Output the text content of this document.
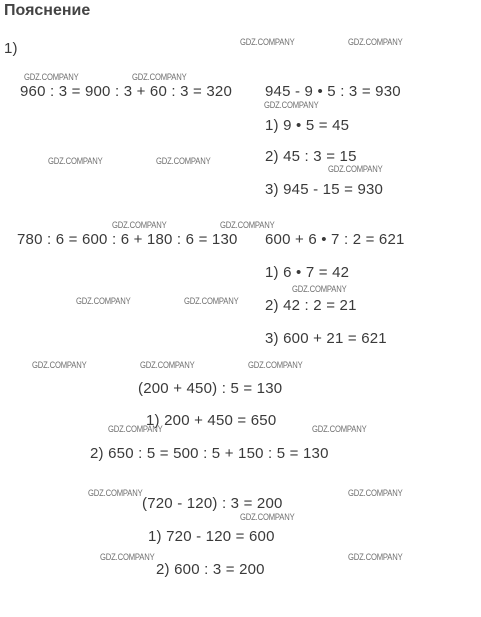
Пояснение
1)
960 : 3 = 900 : 3 + 60 : 3 = 320
780 : 6 = 600 : 6 + 180 : 6 = 130
945 - 9 • 5 : 3 = 930
1) 9 • 5 = 45
2) 45 : 3 = 15
3) 945 - 15 = 930
600 + 6 • 7 : 2 = 621
1) 6 • 7 = 42
2) 42 : 2 = 21
3) 600 + 21 = 621
(200 + 450) : 5 = 130
1) 200 + 450 = 650
2) 650 : 5 = 500 : 5 + 150 : 5 = 130
(720 - 120) : 3 = 200
1) 720 - 120 = 600
2) 600 : 3 = 200
GDZ.COMPANY	GDZ.COMPANY
GDZ.COMPANY	GDZ.COMPANY
GDZ.COMPANY
GDZ.COMPANY	GDZ.COMPANY
GDZ.COMPANY
GDZ.COMPANY	GDZ.COMPANY
GDZ.COMPANY
GDZ.COMPANY	GDZ.COMPANY
GDZ.COMPANY	GDZ.COMPANY	GDZ.COMPANY
GDZ.COMPANY	GDZ.COMPANY
GDZ.COMPANY	GDZ.COMPANY
GDZ.COMPANY
GDZ.COMPANY	GDZ.COMPANY
